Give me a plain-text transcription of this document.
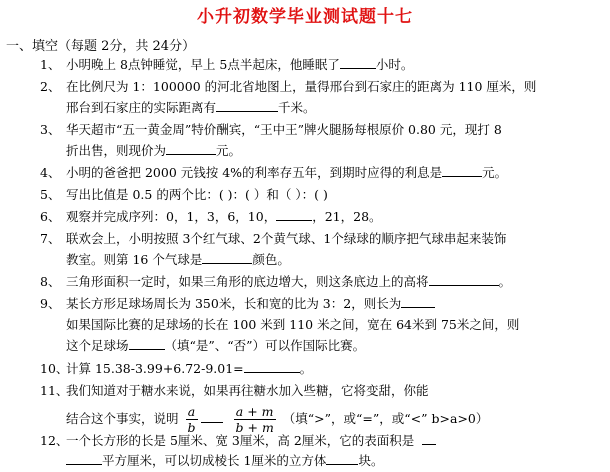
小升初数学毕业测试题十七
一、填空（每题 2分，共 24分）
1、 小明晚上 8点钟睡觉，早上 5点半起床，他睡眠了	小时。
2、 在比例尺为 1：100000 的河北省地图上，量得邢台到石家庄的距离为 110 厘米，则
邢台到石家庄的实际距离有	千米。
3、 华天超市“五一黄金周”特价酬宾，“王中王”牌火腿肠每根原价 0.80 元，现打 8
折出售，则现价为	元。
4、 小明的爸爸把 2000 元钱按 4%的利率存五年，到期时应得的利息是	元。
5、 写出比值是 0.5 的两个比：( )：( ）和（ ）：( )
6、 观察并完成序列：0，1，3，6，10，	，21，28。
7、 联欢会上，小明按照 3个红气球、2个黄气球、1个绿球的顺序把气球串起来装饰
教室。则第 16 个气球是	颜色。
8、 三角形面积一定时，如果三角形的底边增大，则这条底边上的高将	。
9、 某长方形足球场周长为 350米，长和宽的比为 3：2，则长为
如果国际比赛的足球场的长在 100 米到 110 米之间，宽在 64米到 75米之间，则
这个足球场	（填“是”、“否”）可以作国际比赛。
10、计算 15.38-3.99+6.72-9.01=	。
11、我们知道对于糖水来说，如果再往糖水加入些糖，它将变甜，你能
结合这个事实，说明 $\frac{a}{b}$	$\frac{a + m}{b + m}$ （填“>”，或“=”，或“<” b>a>0）
12、一个长方形的长是 5厘米、宽 3厘米，高 2厘米，它的表面积是
平方厘米，可以切成棱长 1厘米的立方体	块。
